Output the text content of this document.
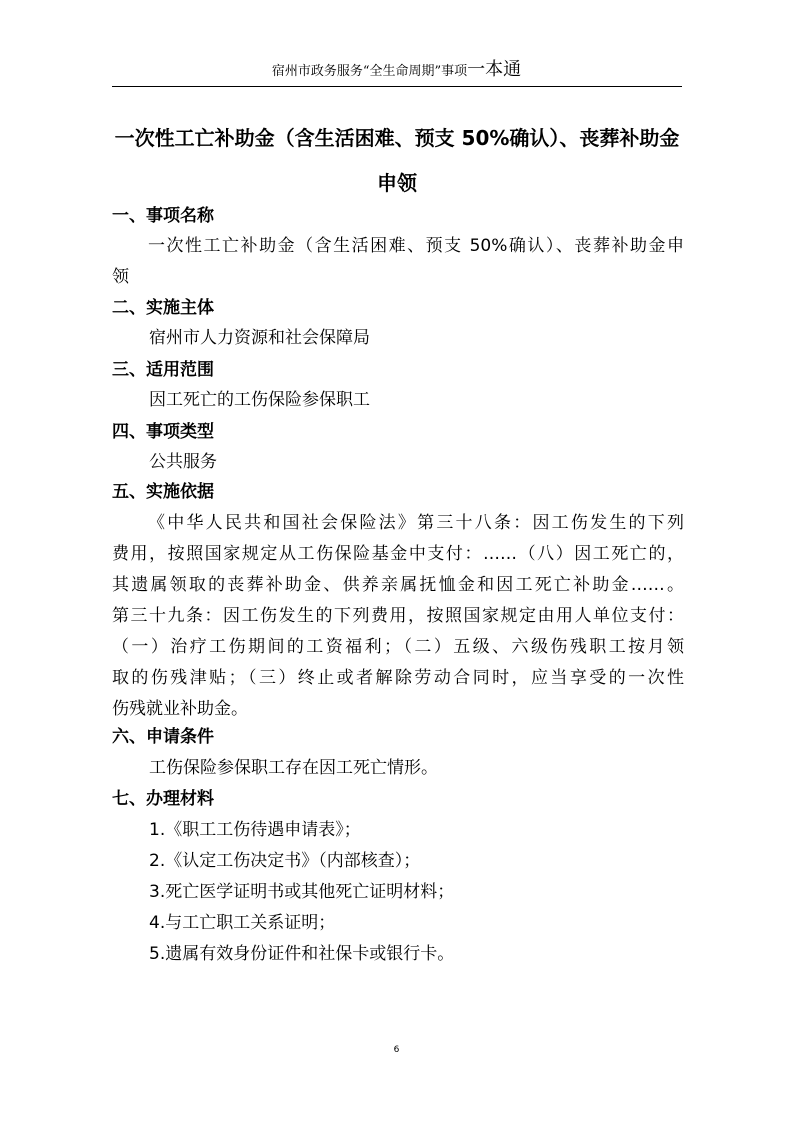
宿州市政务服务“全生命周期”事项一本通
一次性工亡补助金（含生活困难、预支 50%确认）、丧葬补助金
申领
一、事项名称
一次性工亡补助金（含生活困难、预支 50%确认）、丧葬补助金申
领
二、实施主体
宿州市人力资源和社会保障局
三、适用范围
因工死亡的工伤保险参保职工
四、事项类型
公共服务
五、实施依据
《中华人民共和国社会保险法》第三十八条：因工伤发生的下列
费用，按照国家规定从工伤保险基金中支付：……（八）因工死亡的，
其遗属领取的丧葬补助金、供养亲属抚恤金和因工死亡补助金……。
第三十九条：因工伤发生的下列费用，按照国家规定由用人单位支付：
（一）治疗工伤期间的工资福利；（二）五级、六级伤残职工按月领
取的伤残津贴；（三）终止或者解除劳动合同时，应当享受的一次性
伤残就业补助金。
六、申请条件
工伤保险参保职工存在因工死亡情形。
七、办理材料
1.《职工工伤待遇申请表》；
2.《认定工伤决定书》（内部核查）；
3.死亡医学证明书或其他死亡证明材料；
4.与工亡职工关系证明；
5.遗属有效身份证件和社保卡或银行卡。
6
